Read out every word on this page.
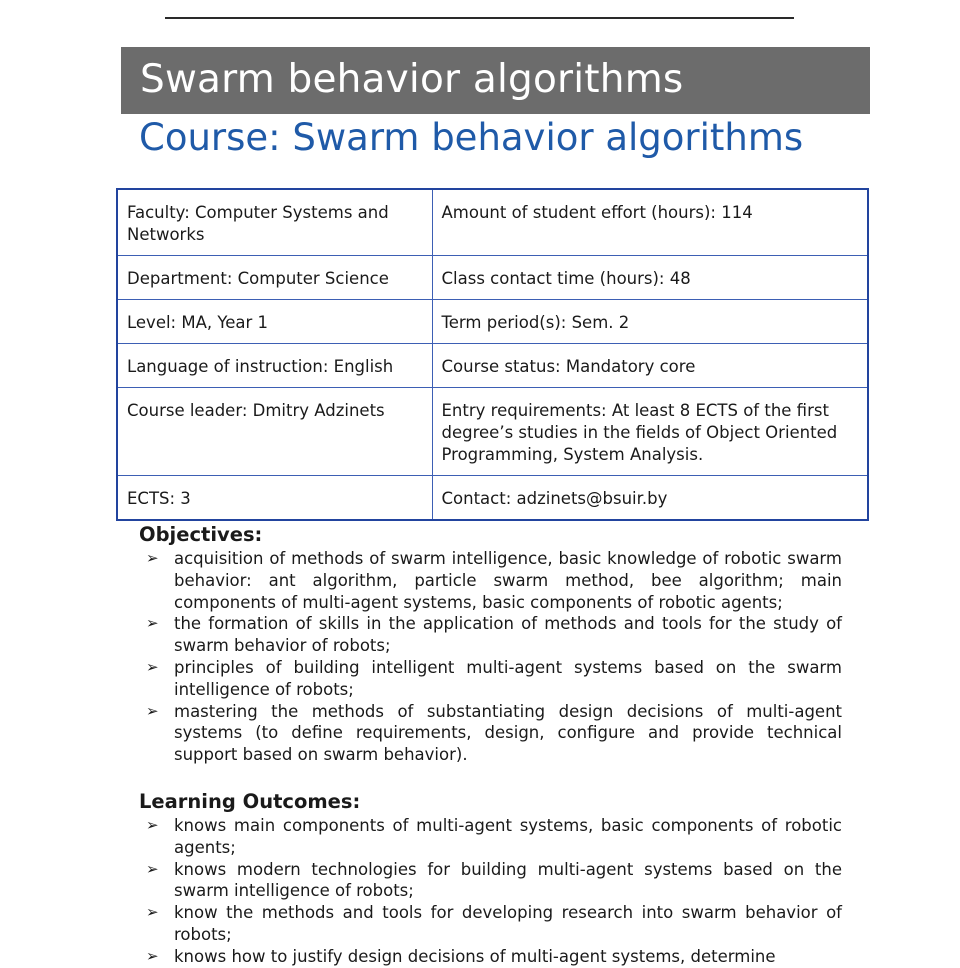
Swarm behavior algorithms
Course: Swarm behavior algorithms
Faculty: Computer Systems and Networks	Amount of student effort (hours): 114
Department: Computer Science	Class contact time (hours): 48
Level: MA, Year 1	Term period(s): Sem. 2
Language of instruction: English	Course status: Mandatory core
Course leader: Dmitry Adzinets	Entry requirements: At least 8 ECTS of the first degree’s studies in the fields of Object Oriented Programming, System Analysis.
ECTS: 3	Contact: adzinets@bsuir.by
Objectives:
➢ acquisition of methods of swarm intelligence, basic knowledge of robotic swarm behavior: ant algorithm, particle swarm method, bee algorithm; main components of multi-agent systems, basic components of robotic agents;
➢ the formation of skills in the application of methods and tools for the study of swarm behavior of robots;
➢ principles of building intelligent multi-agent systems based on the swarm intelligence of robots;
➢ mastering the methods of substantiating design decisions of multi-agent systems (to define requirements, design, configure and provide technical support based on swarm behavior).
Learning Outcomes:
➢ knows main components of multi-agent systems, basic components of robotic agents;
➢ knows modern technologies for building multi-agent systems based on the swarm intelligence of robots;
➢ know the methods and tools for developing research into swarm behavior of robots;
➢ knows how to justify design decisions of multi-agent systems, determine
